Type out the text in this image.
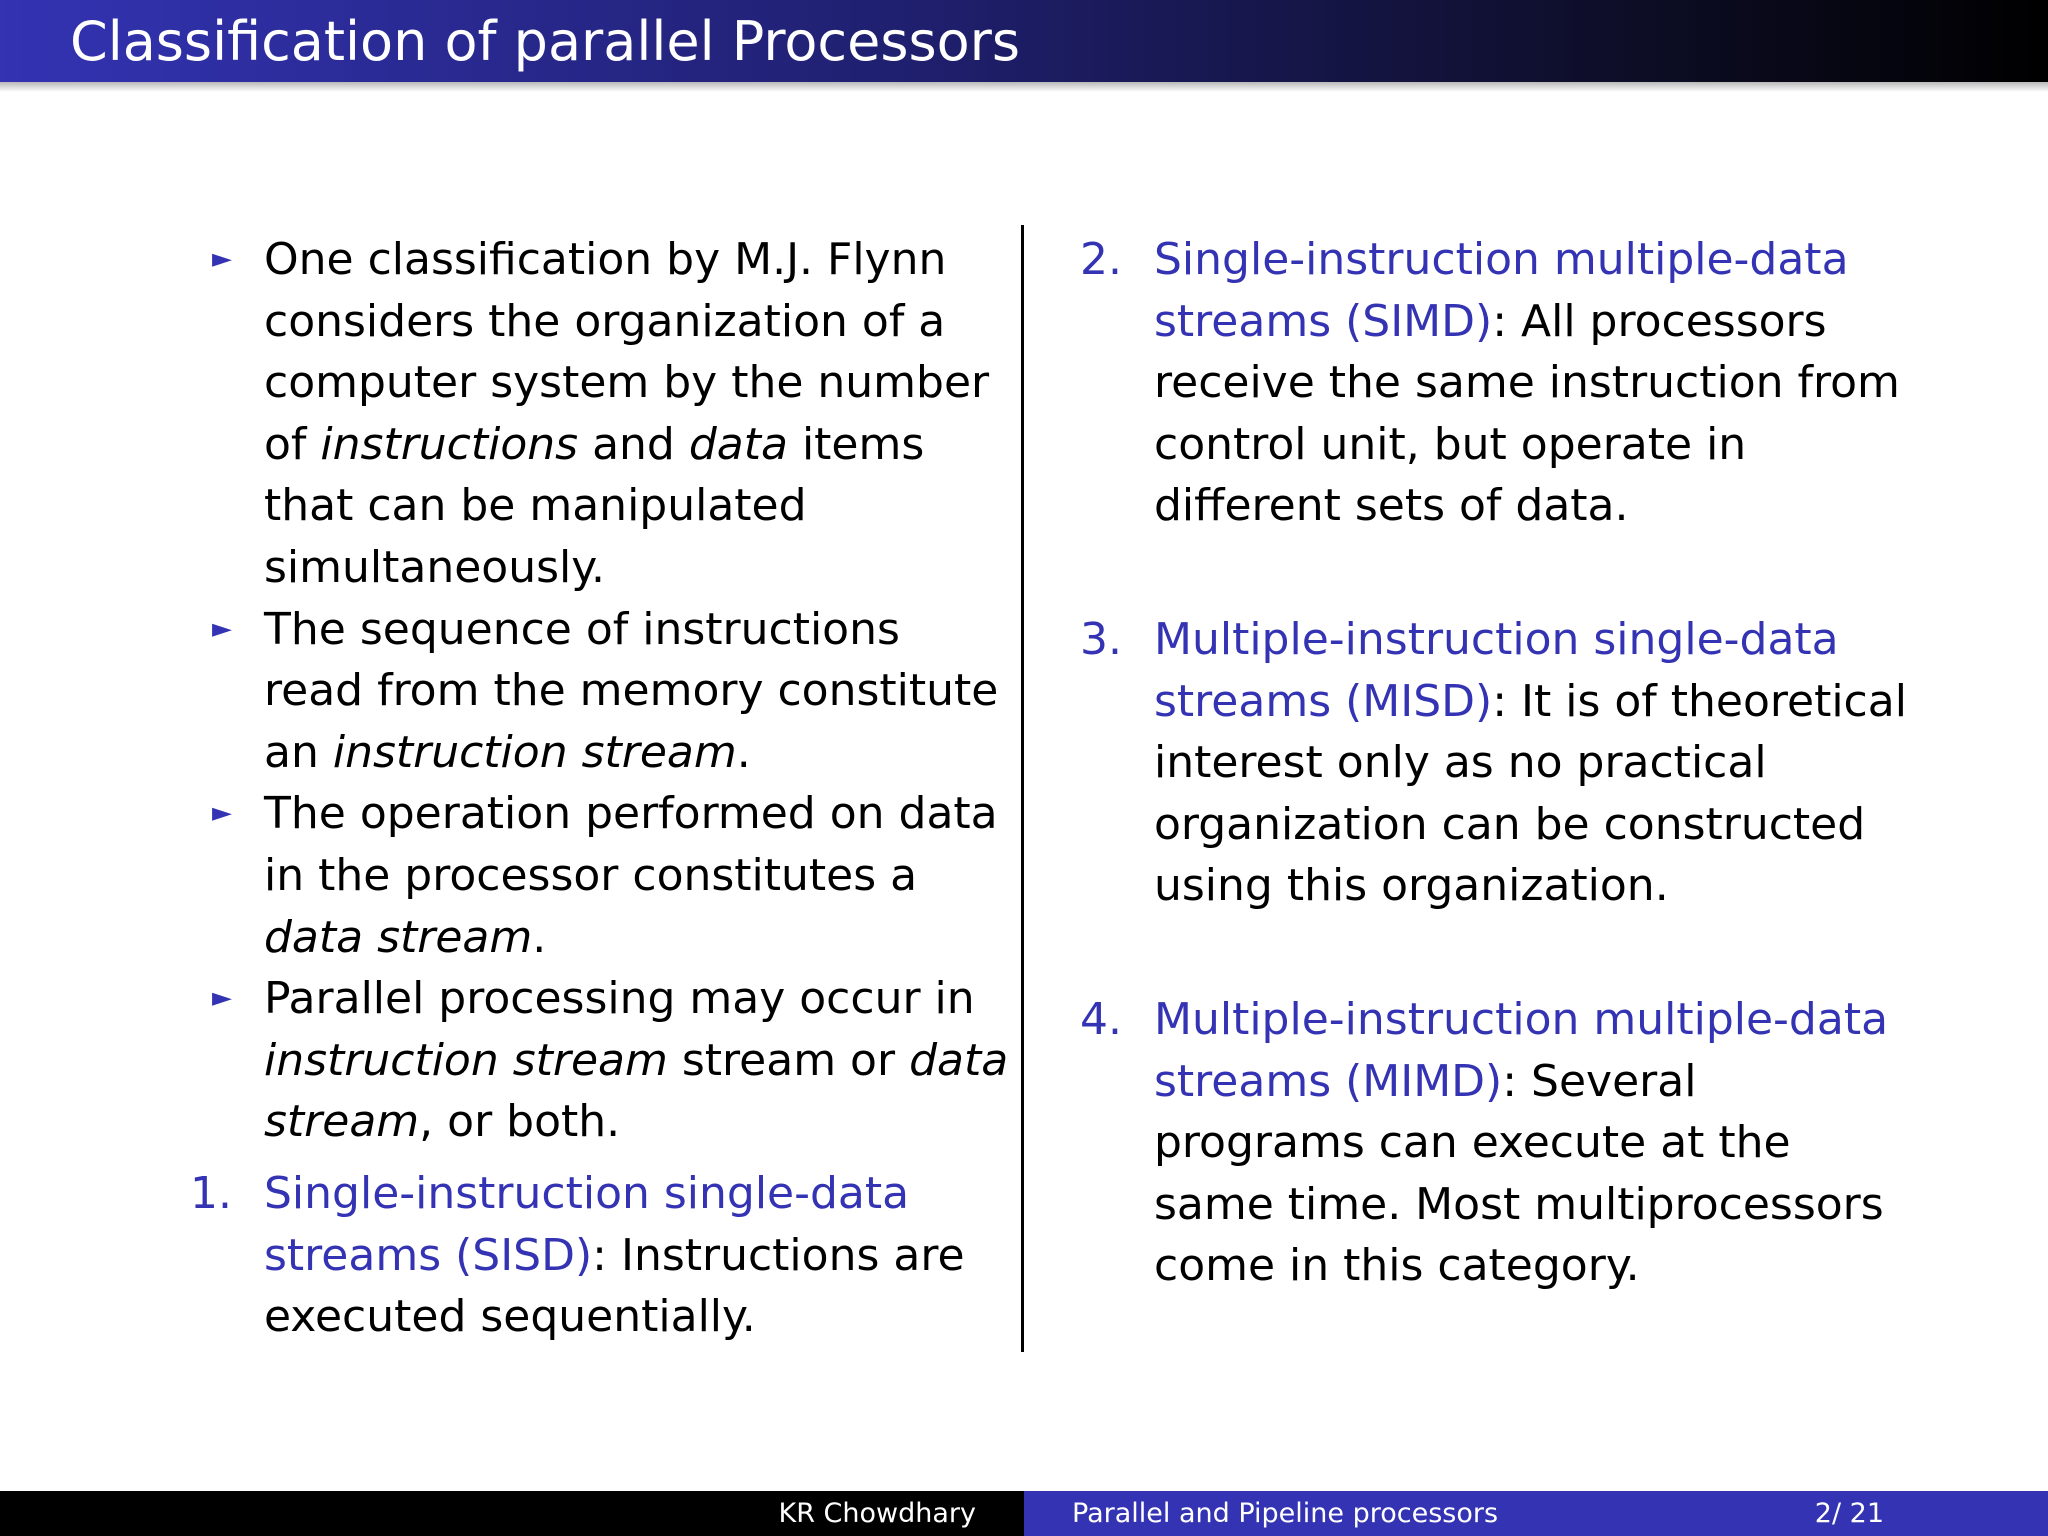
Classification of parallel Processors
► One classification by M.J. Flynn considers the organization of a computer system by the number of instructions and data items that can be manipulated simultaneously.
► The sequence of instructions read from the memory constitute an instruction stream.
► The operation performed on data in the processor constitutes a data stream.
► Parallel processing may occur in instruction stream stream or data stream, or both.
1. Single-instruction single-data streams (SISD): Instructions are executed sequentially.
2. Single-instruction multiple-data streams (SIMD): All processors receive the same instruction from control unit, but operate in different sets of data.
3. Multiple-instruction single-data streams (MISD): It is of theoretical interest only as no practical organization can be constructed using this organization.
4. Multiple-instruction multiple-data streams (MIMD): Several programs can execute at the same time. Most multiprocessors come in this category.
KR Chowdhary	Parallel and Pipeline processors	2/ 21
